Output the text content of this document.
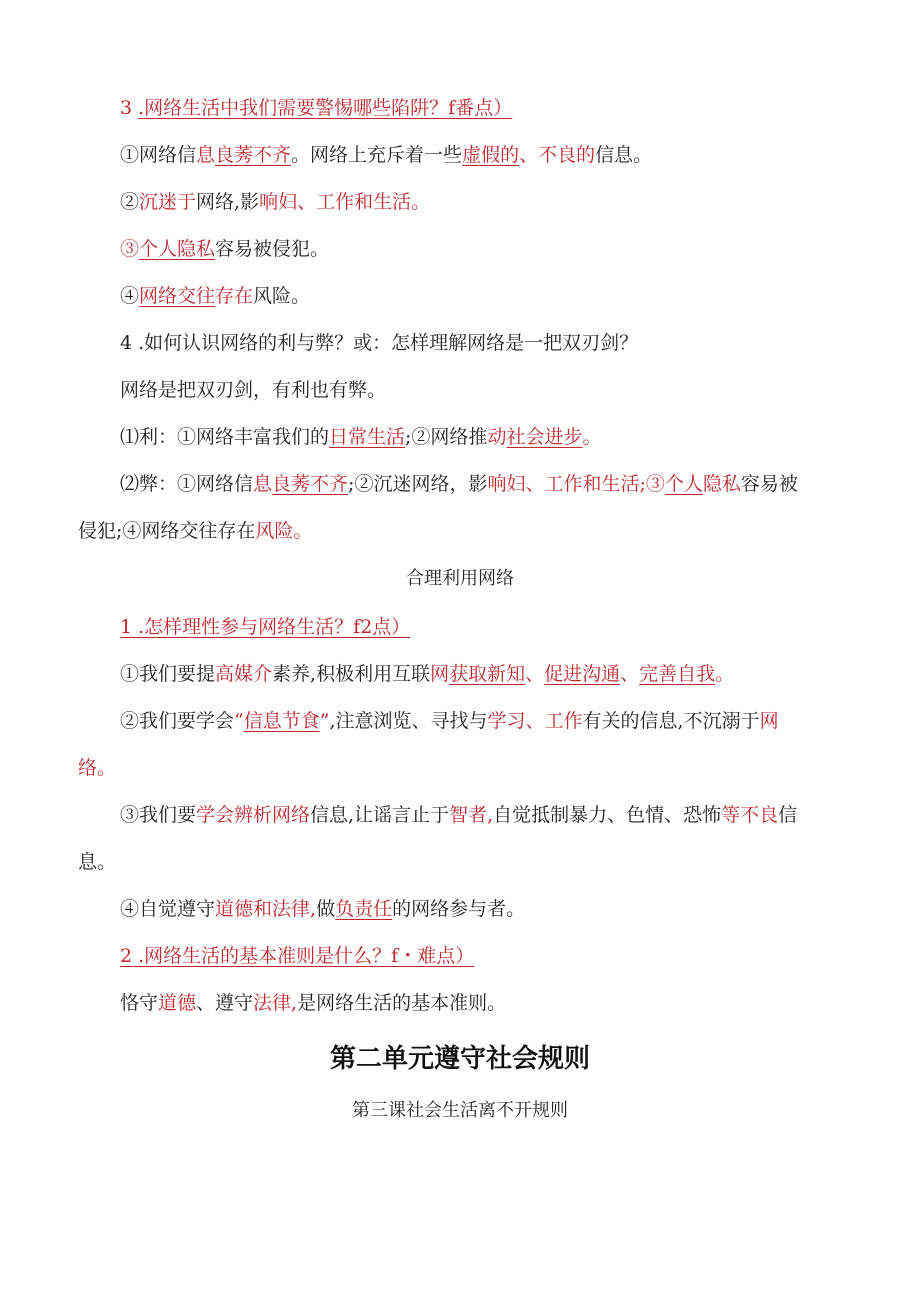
3 .网络生活中我们需要警惕哪些陷阱？f番点）
①网络信息良莠不齐。网络上充斥着一些虚假的、不良的信息。
②沉迷于网络,影响妇、工作和生活。
③个人隐私容易被侵犯。
④网络交往存在风险。
4 .如何认识网络的利与弊？或：怎样理解网络是一把双刃剑？
网络是把双刃剑，有利也有弊。
⑴利：①网络丰富我们的日常生活;②网络推动社会进步。
⑵弊：①网络信息良莠不齐;②沉迷网络，影响妇、工作和生活;③个人隐私容易被
侵犯;④网络交往存在风险。
合理利用网络
1 .怎样理性参与网络生活？f2点）
①我们要提高媒介素养,积极利用互联网获取新知、促进沟通、完善自我。
②我们要学会“信息节食”,注意浏览、寻找与学习、工作有关的信息,不沉溺于网
络。
③我们要学会辨析网络信息,让谣言止于智者,自觉抵制暴力、色情、恐怖等不良信
息。
④自觉遵守道德和法律,做负责任的网络参与者。
2 .网络生活的基本准则是什么？f・难点）
恪守道德、遵守法律,是网络生活的基本准则。
第二单元遵守社会规则
第三课社会生活离不开规则
